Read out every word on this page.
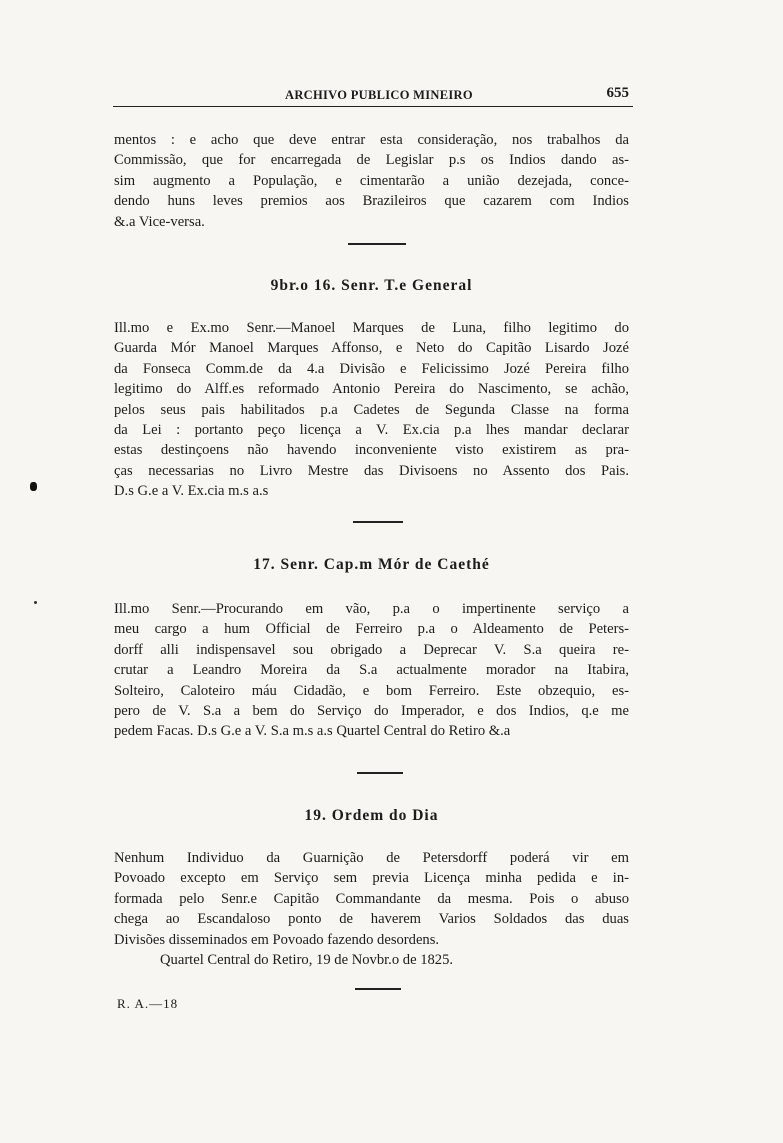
ARCHIVO PUBLICO MINEIRO	655

mentos : e acho que deve entrar esta consideração, nos trabalhos da
Commissão, que for encarregada de Legislar p.s os Indios dando as-
sim augmento a População, e cimentarão a união dezejada, conce-
dendo huns leves premios aos Brazileiros que cazarem com Indios
&.a Vice-versa.

9br.o 16. Senr. T.e General

Ill.mo e Ex.mo Senr.—Manoel Marques de Luna, filho legitimo do
Guarda Mór Manoel Marques Affonso, e Neto do Capitão Lisardo Jozé
da Fonseca Comm.de da 4.a Divisão e Felicissimo Jozé Pereira filho
legitimo do Alff.es reformado Antonio Pereira do Nascimento, se achão,
pelos seus pais habilitados p.a Cadetes de Segunda Classe na forma
da Lei : portanto peço licença a V. Ex.cia p.a lhes mandar declarar
estas destinçoens não havendo inconveniente visto existirem as pra-
ças necessarias no Livro Mestre das Divisoens no Assento dos Pais.
D.s G.e a V. Ex.cia m.s a.s

17. Senr. Cap.m Mór de Caethé

Ill.mo Senr.—Procurando em vão, p.a o impertinente serviço a
meu cargo a hum Official de Ferreiro p.a o Aldeamento de Peters-
dorff alli indispensavel sou obrigado a Deprecar V. S.a queira re-
crutar a Leandro Moreira da S.a actualmente morador na Itabira,
Solteiro, Caloteiro máu Cidadão, e bom Ferreiro. Este obzequio, es-
pero de V. S.a a bem do Serviço do Imperador, e dos Indios, q.e me
pedem Facas. D.s G.e a V. S.a m.s a.s Quartel Central do Retiro &.a

19. Ordem do Dia

Nenhum Individuo da Guarnição de Petersdorff poderá vir em
Povoado excepto em Serviço sem previa Licença minha pedida e in-
formada pelo Senr.e Capitão Commandante da mesma. Pois o abuso
chega ao Escandaloso ponto de haverem Varios Soldados das duas
Divisões disseminados em Povoado fazendo desordens.
Quartel Central do Retiro, 19 de Novbr.o de 1825.

R. A.—18
